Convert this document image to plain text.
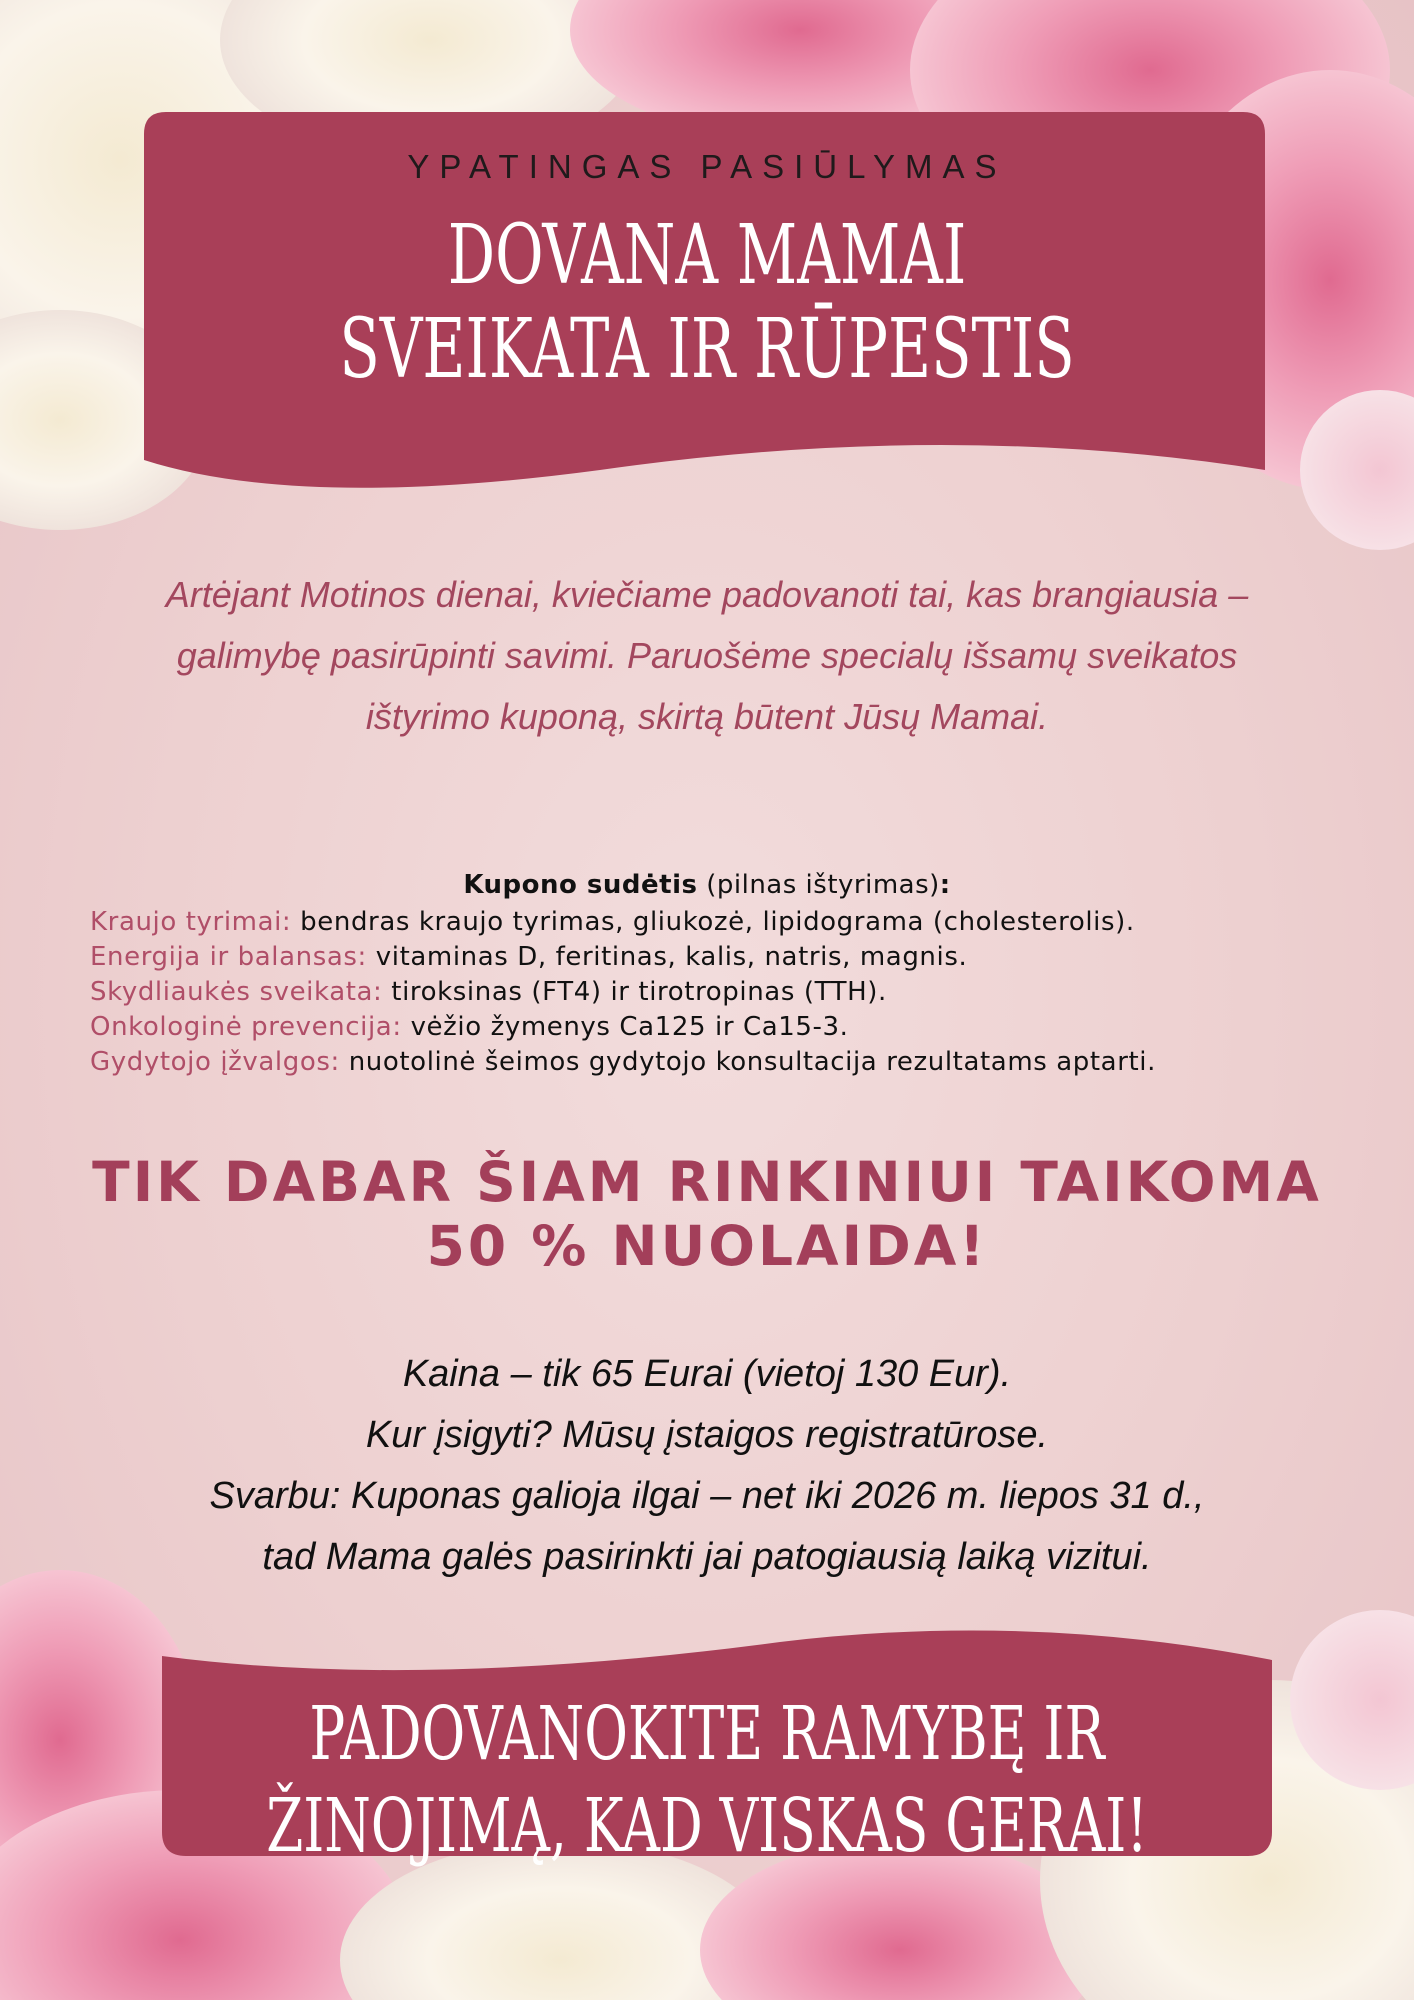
YPATINGAS PASIŪLYMAS
DOVANA MAMAI
SVEIKATA IR RŪPESTIS
Artėjant Motinos dienai, kviečiame padovanoti tai, kas brangiausia – galimybę pasirūpinti savimi. Paruošėme specialų išsamų sveikatos ištyrimo kuponą, skirtą būtent Jūsų Mamai.
Kupono sudėtis (pilnas ištyrimas):
Kraujo tyrimai: bendras kraujo tyrimas, gliukozė, lipidograma (cholesterolis).
Energija ir balansas: vitaminas D, feritinas, kalis, natris, magnis.
Skydliaukės sveikata: tiroksinas (FT4) ir tirotropinas (TTH).
Onkologinė prevencija: vėžio žymenys Ca125 ir Ca15-3.
Gydytojo įžvalgos: nuotolinė šeimos gydytojo konsultacija rezultatams aptarti.
TIK DABAR ŠIAM RINKINIUI TAIKOMA
50 % NUOLAIDA!
Kaina – tik 65 Eurai (vietoj 130 Eur).
Kur įsigyti? Mūsų įstaigos registratūrose.
Svarbu: Kuponas galioja ilgai – net iki 2026 m. liepos 31 d.,
tad Mama galės pasirinkti jai patogiausią laiką vizitui.
PADOVANOKITE RAMYBĘ IR
ŽINOJIMĄ, KAD VISKAS GERAI!
